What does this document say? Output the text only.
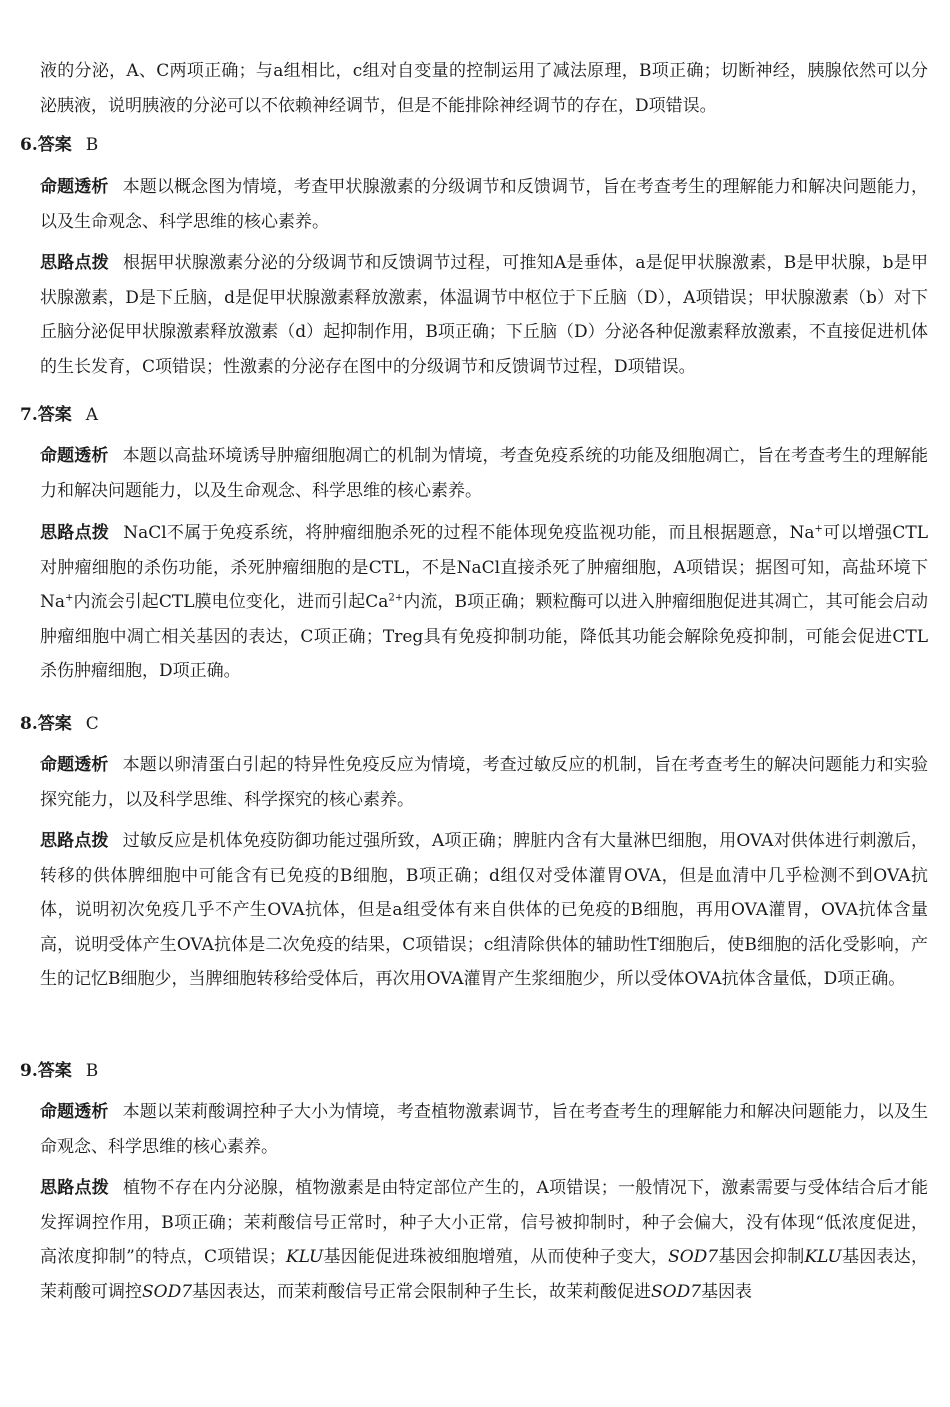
液的分泌，A、C两项正确；与a组相比，c组对自变量的控制运用了减法原理，B项正确；切断神经，胰腺依然可以分泌胰液，说明胰液的分泌可以不依赖神经调节，但是不能排除神经调节的存在，D项错误。
6.答案 B
命题透析 本题以概念图为情境，考查甲状腺激素的分级调节和反馈调节，旨在考查考生的理解能力和解决问题能力，以及生命观念、科学思维的核心素养。
思路点拨 根据甲状腺激素分泌的分级调节和反馈调节过程，可推知A是垂体，a是促甲状腺激素，B是甲状腺，b是甲状腺激素，D是下丘脑，d是促甲状腺激素释放激素，体温调节中枢位于下丘脑（D），A项错误；甲状腺激素（b）对下丘脑分泌促甲状腺激素释放激素（d）起抑制作用，B项正确；下丘脑（D）分泌各种促激素释放激素，不直接促进机体的生长发育，C项错误；性激素的分泌存在图中的分级调节和反馈调节过程，D项错误。
7.答案 A
命题透析 本题以高盐环境诱导肿瘤细胞凋亡的机制为情境，考查免疫系统的功能及细胞凋亡，旨在考查考生的理解能力和解决问题能力，以及生命观念、科学思维的核心素养。
思路点拨 NaCl不属于免疫系统，将肿瘤细胞杀死的过程不能体现免疫监视功能，而且根据题意，Na+可以增强CTL对肿瘤细胞的杀伤功能，杀死肿瘤细胞的是CTL，不是NaCl直接杀死了肿瘤细胞，A项错误；据图可知，高盐环境下Na+内流会引起CTL膜电位变化，进而引起$Ca^{2+}$内流，B项正确；颗粒酶可以进入肿瘤细胞促进其凋亡，其可能会启动肿瘤细胞中凋亡相关基因的表达，C项正确；Treg具有免疫抑制功能，降低其功能会解除免疫抑制，可能会促进CTL杀伤肿瘤细胞，D项正确。
8.答案 C
命题透析 本题以卵清蛋白引起的特异性免疫反应为情境，考查过敏反应的机制，旨在考查考生的解决问题能力和实验探究能力，以及科学思维、科学探究的核心素养。
思路点拨 过敏反应是机体免疫防御功能过强所致，A项正确；脾脏内含有大量淋巴细胞，用OVA对供体进行刺激后，转移的供体脾细胞中可能含有已免疫的B细胞，B项正确；d组仅对受体灌胃OVA，但是血清中几乎检测不到OVA抗体，说明初次免疫几乎不产生OVA抗体，但是a组受体有来自供体的已免疫的B细胞，再用OVA灌胃，OVA抗体含量高，说明受体产生OVA抗体是二次免疫的结果，C项错误；c组清除供体的辅助性T细胞后，使B细胞的活化受影响，产生的记忆B细胞少，当脾细胞转移给受体后，再次用OVA灌胃产生浆细胞少，所以受体OVA抗体含量低，D项正确。
9.答案 B
命题透析 本题以茉莉酸调控种子大小为情境，考查植物激素调节，旨在考查考生的理解能力和解决问题能力，以及生命观念、科学思维的核心素养。
思路点拨 植物不存在内分泌腺，植物激素是由特定部位产生的，A项错误；一般情况下，激素需要与受体结合后才能发挥调控作用，B项正确；茉莉酸信号正常时，种子大小正常，信号被抑制时，种子会偏大，没有体现“低浓度促进，高浓度抑制”的特点，C项错误；KLU基因能促进珠被细胞增殖，从而使种子变大，SOD7基因会抑制KLU基因表达，茉莉酸可调控SOD7基因表达，而茉莉酸信号正常会限制种子生长，故茉莉酸促进SOD7基因表
